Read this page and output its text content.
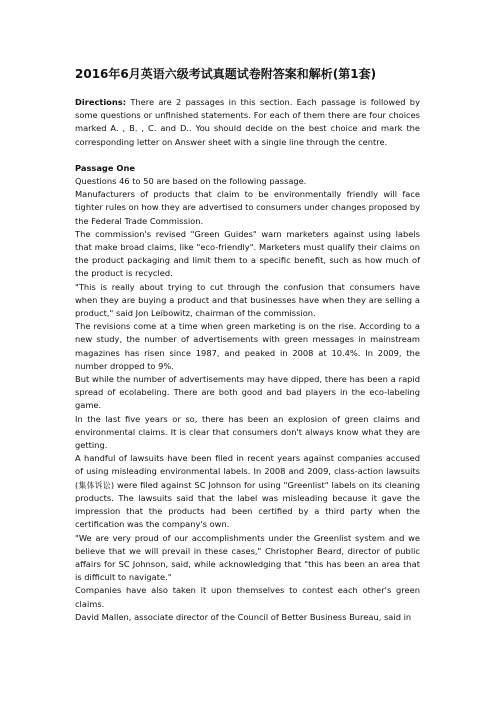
2016年6月英语六级考试真题试卷附答案和解析(第1套)

Directions: There are 2 passages in this section. Each passage is followed by some questions or unfinished statements. For each of them there are four choices marked A. , B. , C. and D.. You should decide on the best choice and mark the corresponding letter on Answer sheet with a single line through the centre.

Passage One

Questions 46 to 50 are based on the following passage.

Manufacturers of products that claim to be environmentally friendly will face tighter rules on how they are advertised to consumers under changes proposed by the Federal Trade Commission.

The commission's revised "Green Guides" warn marketers against using labels that make broad claims, like "eco-friendly". Marketers must qualify their claims on the product packaging and limit them to a specific benefit, such as how much of the product is recycled.

"This is really about trying to cut through the confusion that consumers have when they are buying a product and that businesses have when they are selling a product," said Jon Leibowitz, chairman of the commission.

The revisions come at a time when green marketing is on the rise. According to a new study, the number of advertisements with green messages in mainstream magazines has risen since 1987, and peaked in 2008 at 10.4%. In 2009, the number dropped to 9%.

But while the number of advertisements may have dipped, there has been a rapid spread of ecolabeling. There are both good and bad players in the eco-labeling game.

In the last five years or so, there has been an explosion of green claims and environmental claims. It is clear that consumers don't always know what they are getting.

A handful of lawsuits have been filed in recent years against companies accused of using misleading environmental labels. In 2008 and 2009, class-action lawsuits (集体诉讼) were filed against SC Johnson for using "Greenlist" labels on its cleaning products. The lawsuits said that the label was misleading because it gave the impression that the products had been certified by a third party when the certification was the company's own.

"We are very proud of our accomplishments under the Greenlist system and we believe that we will prevail in these cases," Christopher Beard, director of public affairs for SC Johnson, said, while acknowledging that "this has been an area that is difficult to navigate."

Companies have also taken it upon themselves to contest each other's green claims.

David Mallen, associate director of the Council of Better Business Bureau, said in
